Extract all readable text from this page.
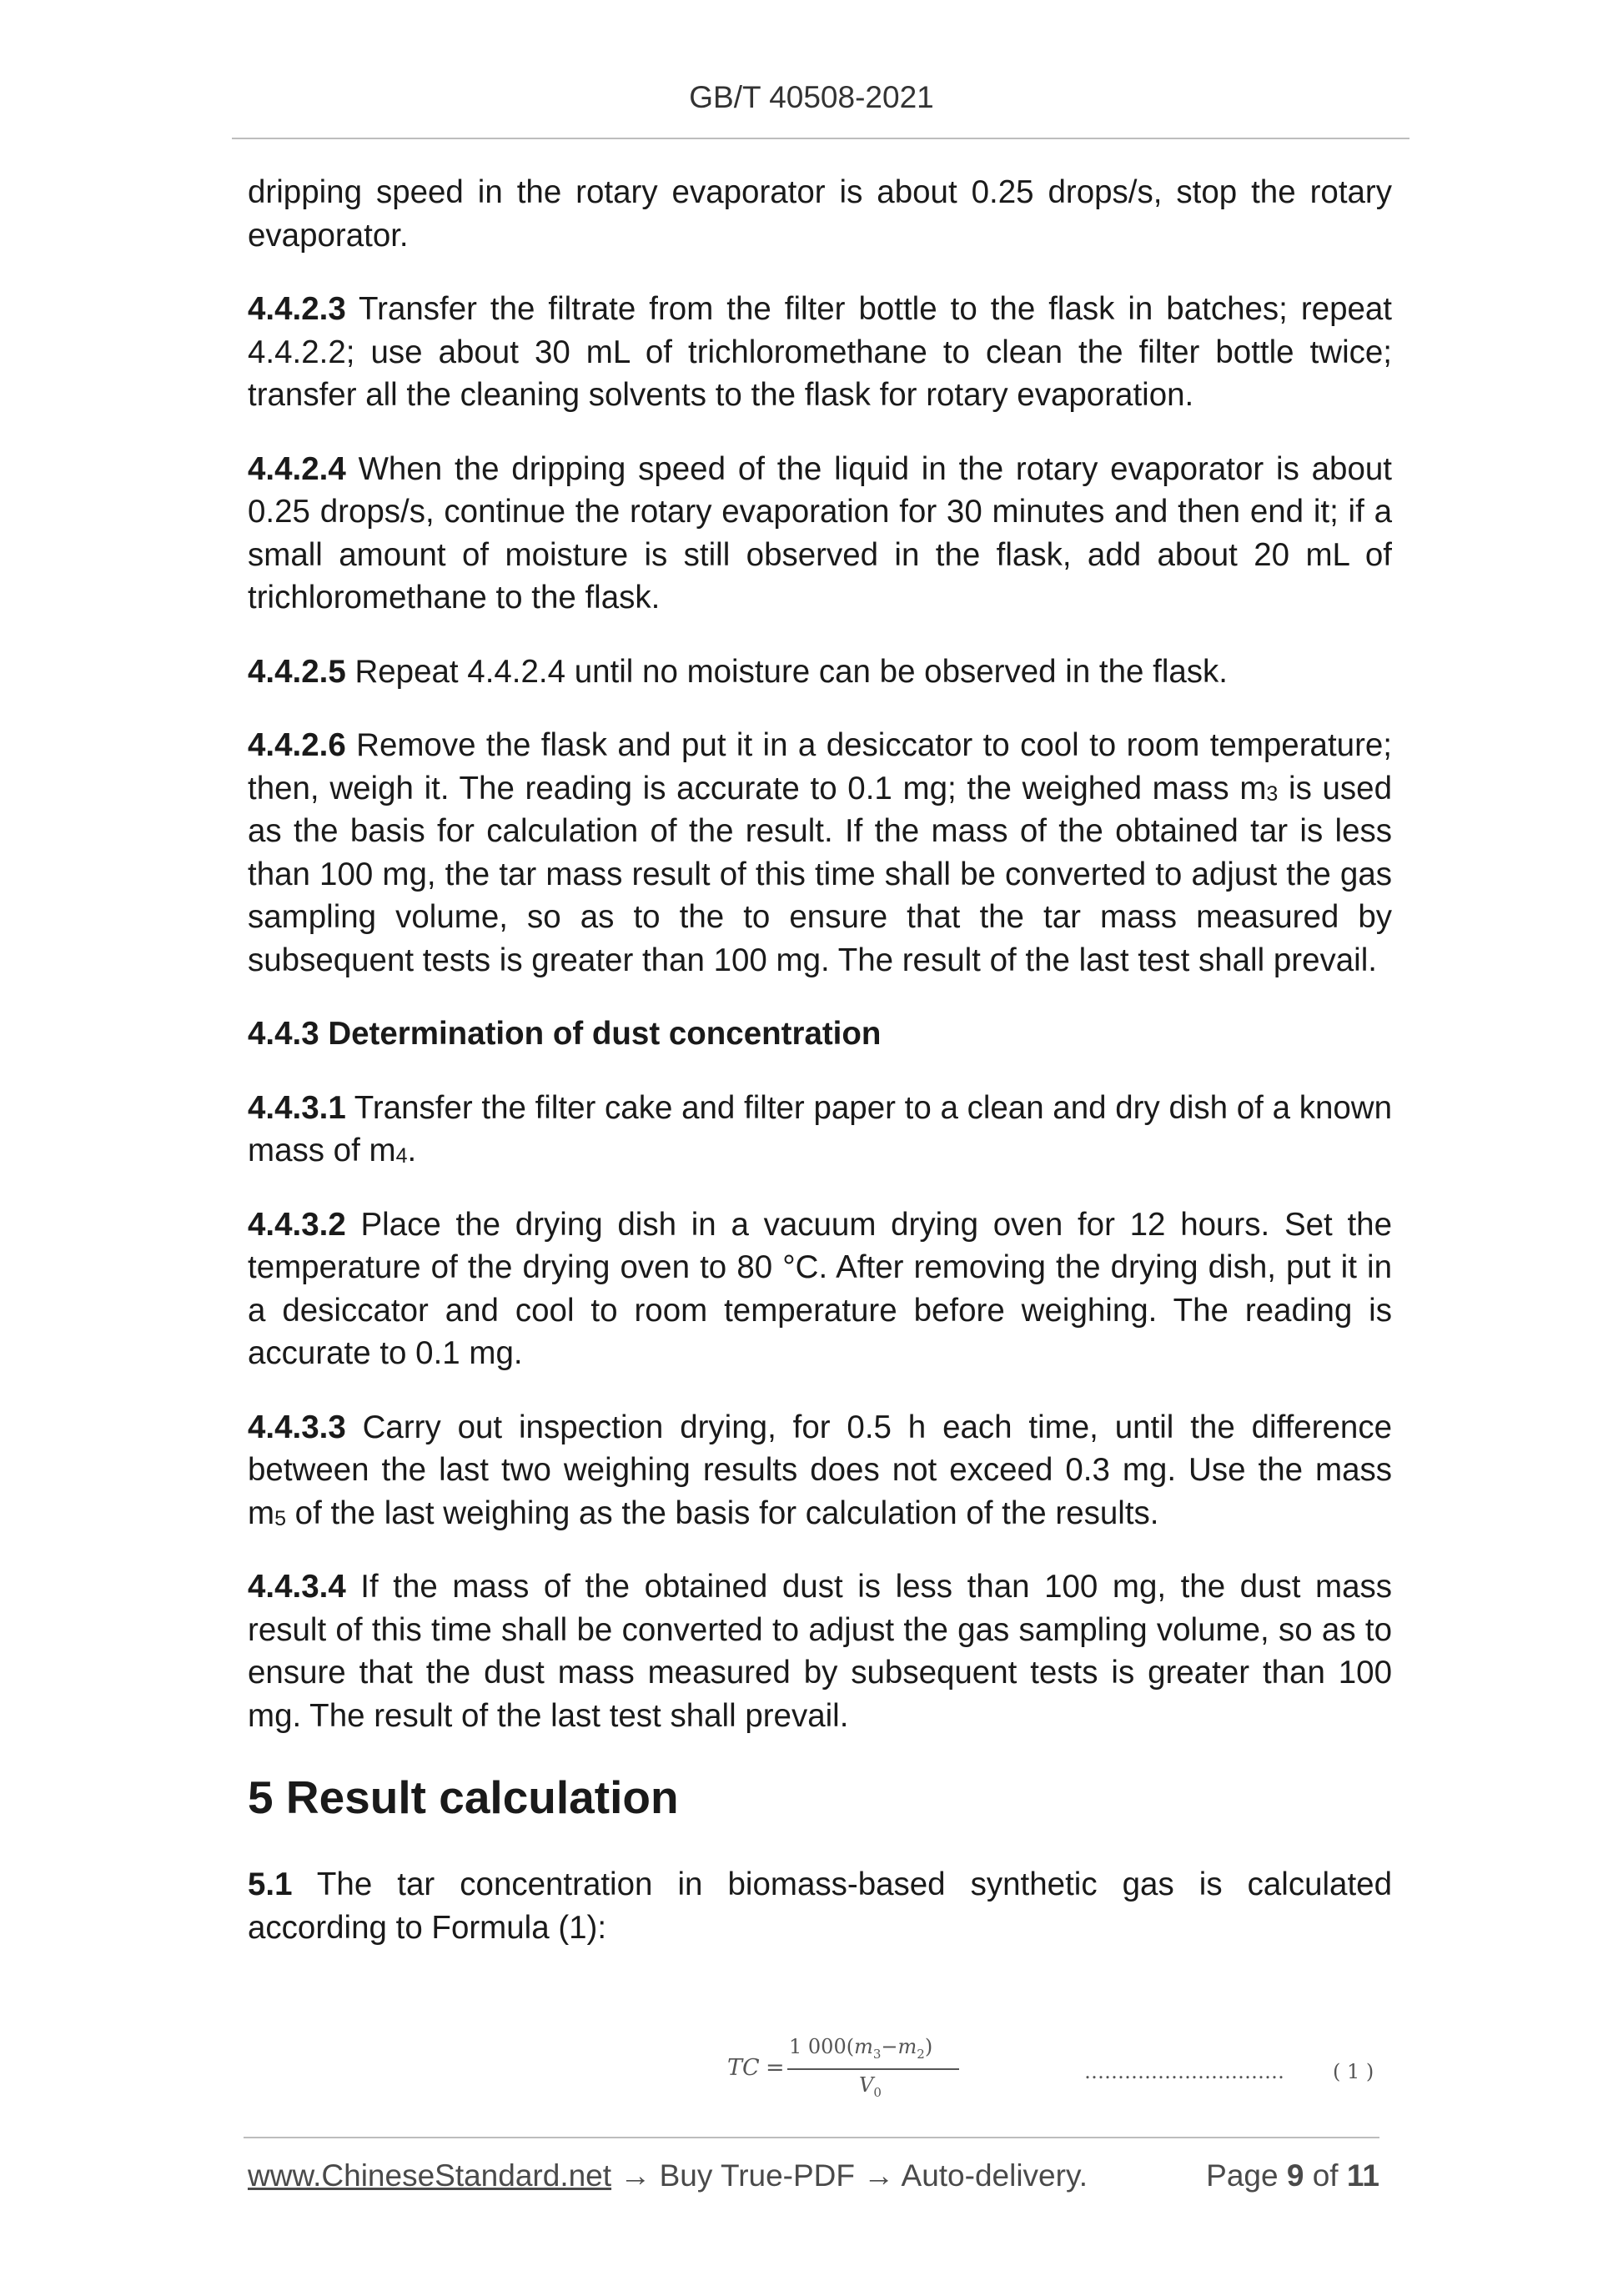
GB/T 40508-2021

dripping speed in the rotary evaporator is about 0.25 drops/s, stop the rotary evaporator.

4.4.2.3 Transfer the filtrate from the filter bottle to the flask in batches; repeat 4.4.2.2; use about 30 mL of trichloromethane to clean the filter bottle twice; transfer all the cleaning solvents to the flask for rotary evaporation.

4.4.2.4 When the dripping speed of the liquid in the rotary evaporator is about 0.25 drops/s, continue the rotary evaporation for 30 minutes and then end it; if a small amount of moisture is still observed in the flask, add about 20 mL of trichloromethane to the flask.

4.4.2.5 Repeat 4.4.2.4 until no moisture can be observed in the flask.

4.4.2.6 Remove the flask and put it in a desiccator to cool to room temperature; then, weigh it. The reading is accurate to 0.1 mg; the weighed mass $m_3$ is used as the basis for calculation of the result. If the mass of the obtained tar is less than 100 mg, the tar mass result of this time shall be converted to adjust the gas sampling volume, so as to the to ensure that the tar mass measured by subsequent tests is greater than 100 mg. The result of the last test shall prevail.

4.4.3 Determination of dust concentration

4.4.3.1 Transfer the filter cake and filter paper to a clean and dry dish of a known mass of $m_4$.

4.4.3.2 Place the drying dish in a vacuum drying oven for 12 hours. Set the temperature of the drying oven to 80 °C. After removing the drying dish, put it in a desiccator and cool to room temperature before weighing. The reading is accurate to 0.1 mg.

4.4.3.3 Carry out inspection drying, for 0.5 h each time, until the difference between the last two weighing results does not exceed 0.3 mg. Use the mass $m_5$ of the last weighing as the basis for calculation of the results.

4.4.3.4 If the mass of the obtained dust is less than 100 mg, the dust mass result of this time shall be converted to adjust the gas sampling volume, so as to ensure that the dust mass measured by subsequent tests is greater than 100 mg. The result of the last test shall prevail.

5 Result calculation

5.1 The tar concentration in biomass-based synthetic gas is calculated according to Formula (1):

TC =
1 $000(m_3-m_2)$
$V_0$
………………………… ( 1 )
www.ChineseStandard.net → Buy True-PDF → Auto-delivery.	Page 9 of 11
